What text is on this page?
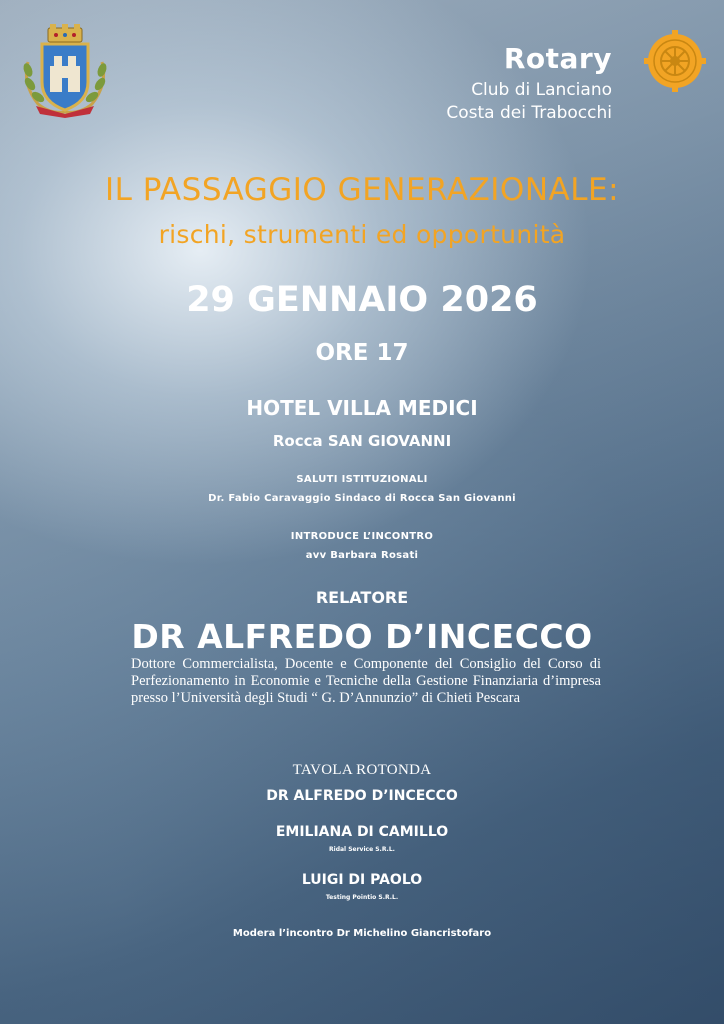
Rotary
Club di Lanciano
Costa dei Trabocchi
IL PASSAGGIO GENERAZIONALE:
rischi, strumenti ed opportunità
29 GENNAIO 2026
ORE 17
HOTEL VILLA MEDICI
Rocca SAN GIOVANNI
SALUTI ISTITUZIONALI
Dr. Fabio Caravaggio Sindaco di Rocca San Giovanni
INTRODUCE L’INCONTRO
avv Barbara Rosati
RELATORE
DR ALFREDO D’INCECCO
Dottore Commercialista, Docente e Componente del Consiglio del Corso di Perfezionamento in Economie e Tecniche della Gestione Finanziaria d’impresa presso l’Università degli Studi “ G. D’Annunzio” di Chieti Pescara
TAVOLA ROTONDA
DR ALFREDO D’INCECCO
EMILIANA DI CAMILLO
Ridal Service S.R.L.
LUIGI DI PAOLO
Testing Pointio S.R.L.
Modera l’incontro Dr Michelino Giancristofaro
